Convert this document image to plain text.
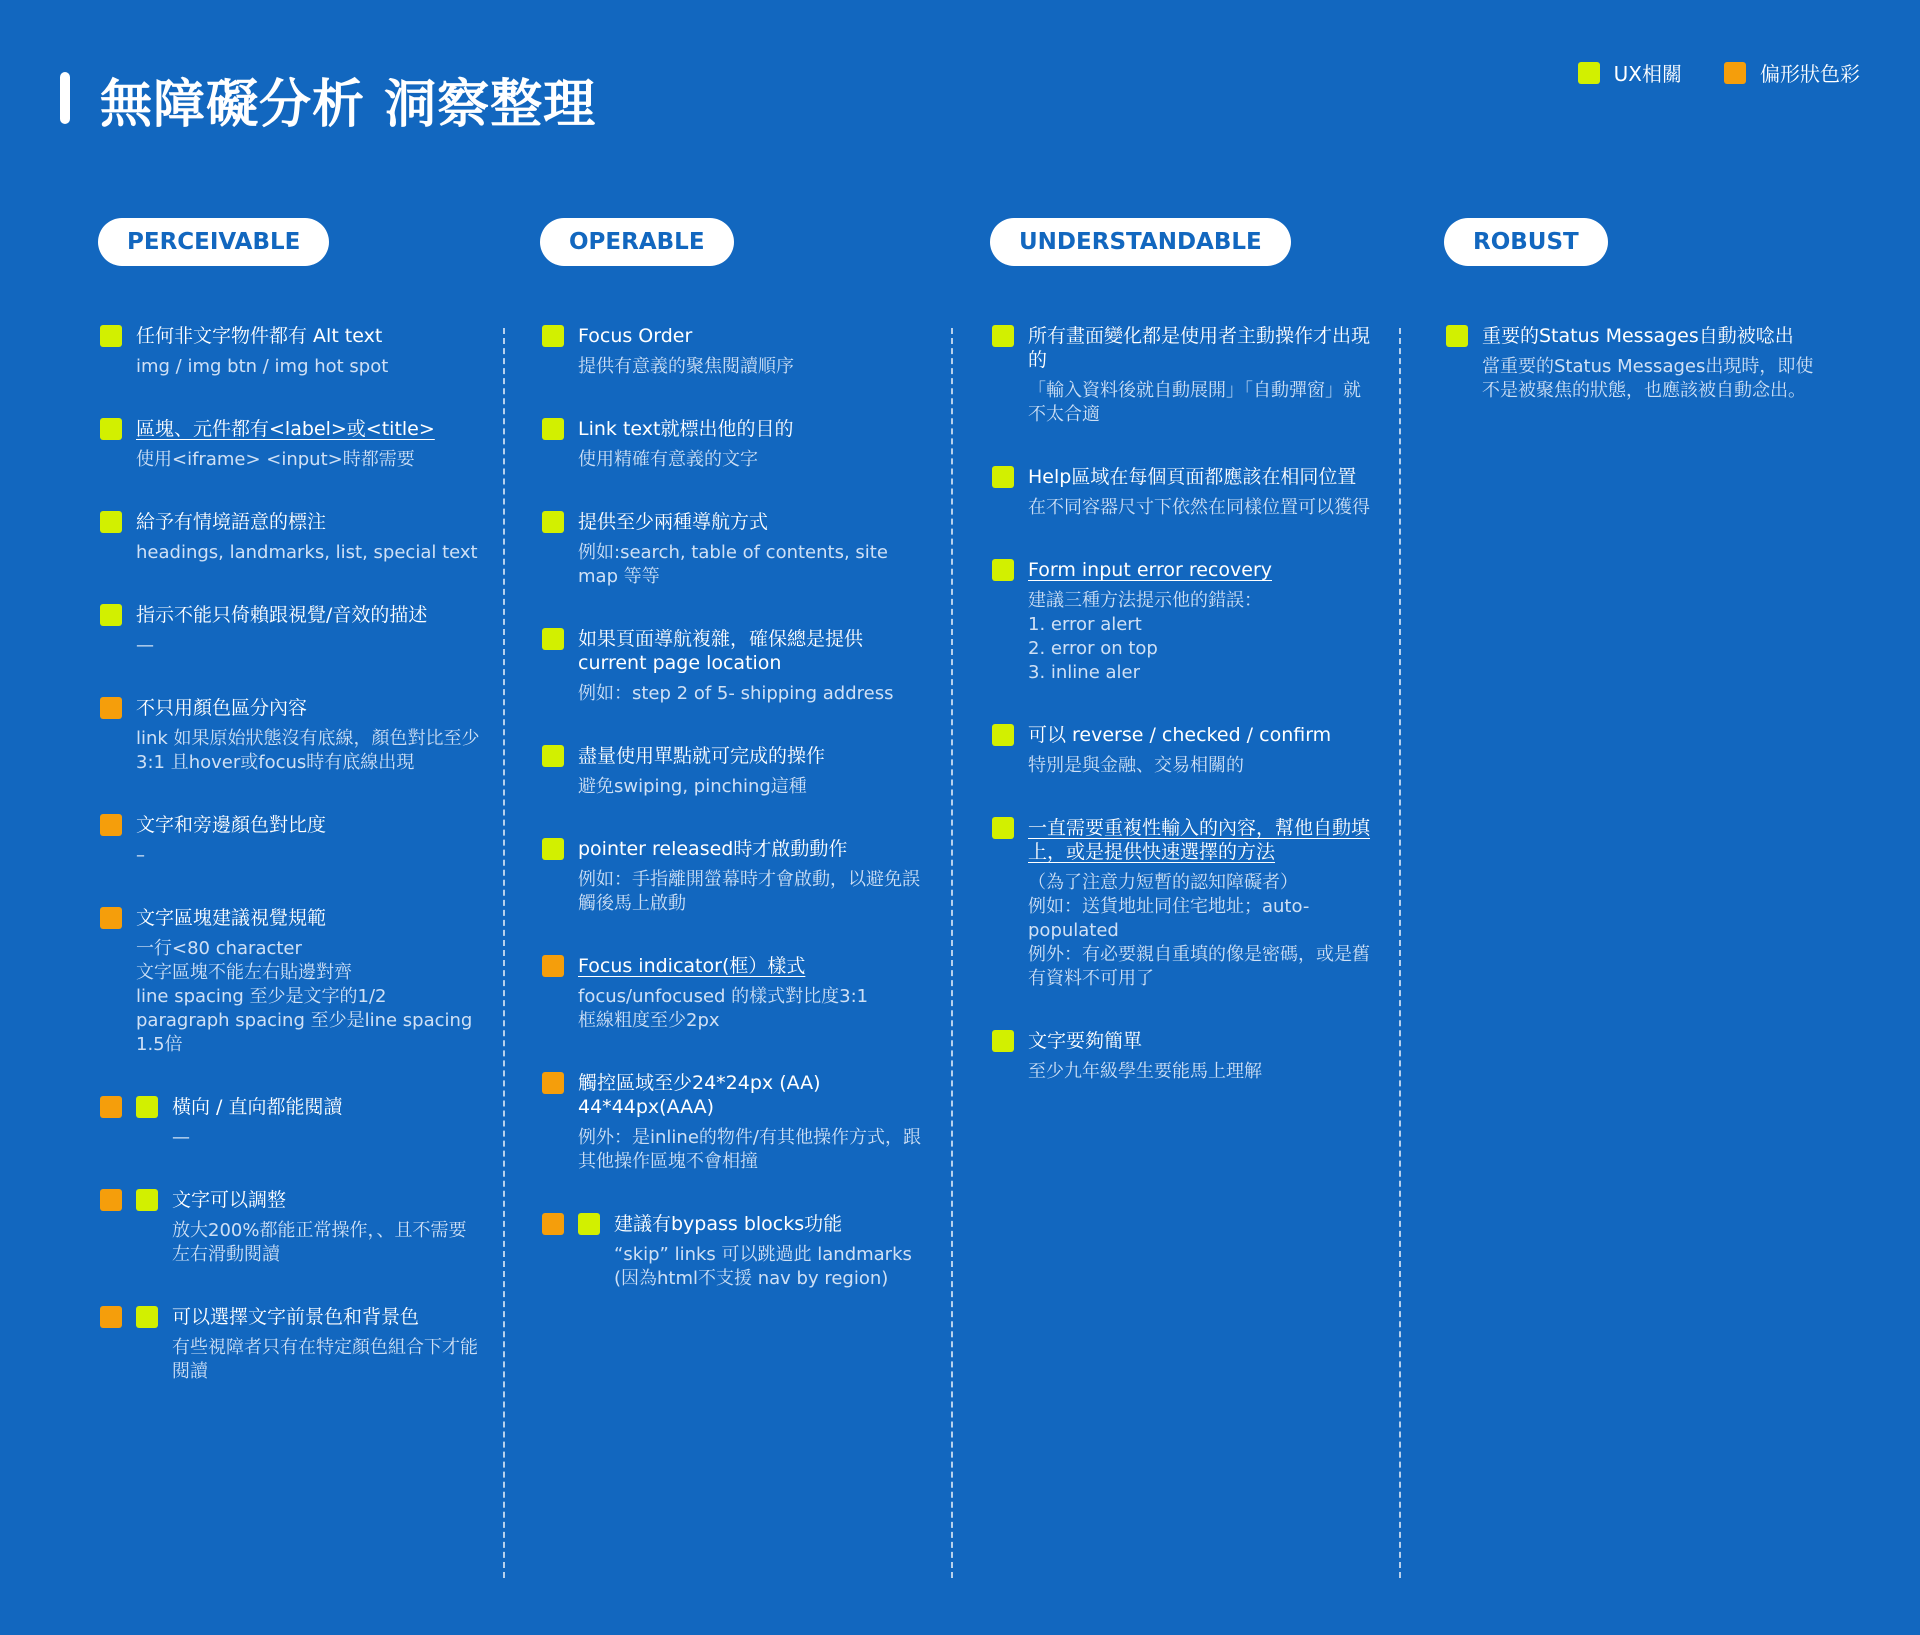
無障礙分析 洞察整理
UX相關	偏形狀色彩
PERCEIVABLE
任何非文字物件都有 Alt text
img / img btn / img hot spot
區塊、元件都有<label>或<title>
使用<iframe> <input>時都需要
給予有情境語意的標注
headings, landmarks, list, special text
指示不能只倚賴跟視覺/音效的描述
—
不只用顏色區分內容
link 如果原始狀態沒有底線，顏色對比至少3:1 且hover或focus時有底線出現
文字和旁邊顏色對比度
–
文字區塊建議視覺規範
一行<80 character
文字區塊不能左右貼邊對齊
line spacing 至少是文字的1/2
paragraph spacing 至少是line spacing 1.5倍
橫向 / 直向都能閱讀
—
文字可以調整
放大200%都能正常操作，、且不需要左右滑動閱讀
可以選擇文字前景色和背景色
有些視障者只有在特定顏色組合下才能閱讀
OPERABLE
Focus Order
提供有意義的聚焦閱讀順序
Link text就標出他的目的
使用精確有意義的文字
提供至少兩種導航方式
例如:search, table of contents, site map 等等
如果頁面導航複雜，確保總是提供 current page location
例如：step 2 of 5- shipping address
盡量使用單點就可完成的操作
避免swiping, pinching這種
pointer released時才啟動動作
例如：手指離開螢幕時才會啟動，以避免誤觸後馬上啟動
Focus indicator(框）樣式
focus/unfocused 的樣式對比度3:1
框線粗度至少2px
觸控區域至少24*24px (AA)
44*44px(AAA)
例外：是inline的物件/有其他操作方式，跟其他操作區塊不會相撞
建議有bypass blocks功能
“skip” links 可以跳過此 landmarks (因為html不支援 nav by region)
UNDERSTANDABLE
所有畫面變化都是使用者主動操作才出現的
「輸入資料後就自動展開」「自動彈窗」就不太合適
Help區域在每個頁面都應該在相同位置
在不同容器尺寸下依然在同樣位置可以獲得
Form input error recovery
建議三種方法提示他的錯誤：
1. error alert
2. error on top
3. inline aler
可以 reverse / checked / confirm
特別是與金融、交易相關的
一直需要重複性輸入的內容，幫他自動填上，或是提供快速選擇的方法
（為了注意力短暫的認知障礙者）
例如：送貨地址同住宅地址；auto-populated
例外：有必要親自重填的像是密碼，或是舊有資料不可用了
文字要夠簡單
至少九年級學生要能馬上理解
ROBUST
重要的Status Messages自動被唸出
當重要的Status Messages出現時，即使不是被聚焦的狀態，也應該被自動念出。
